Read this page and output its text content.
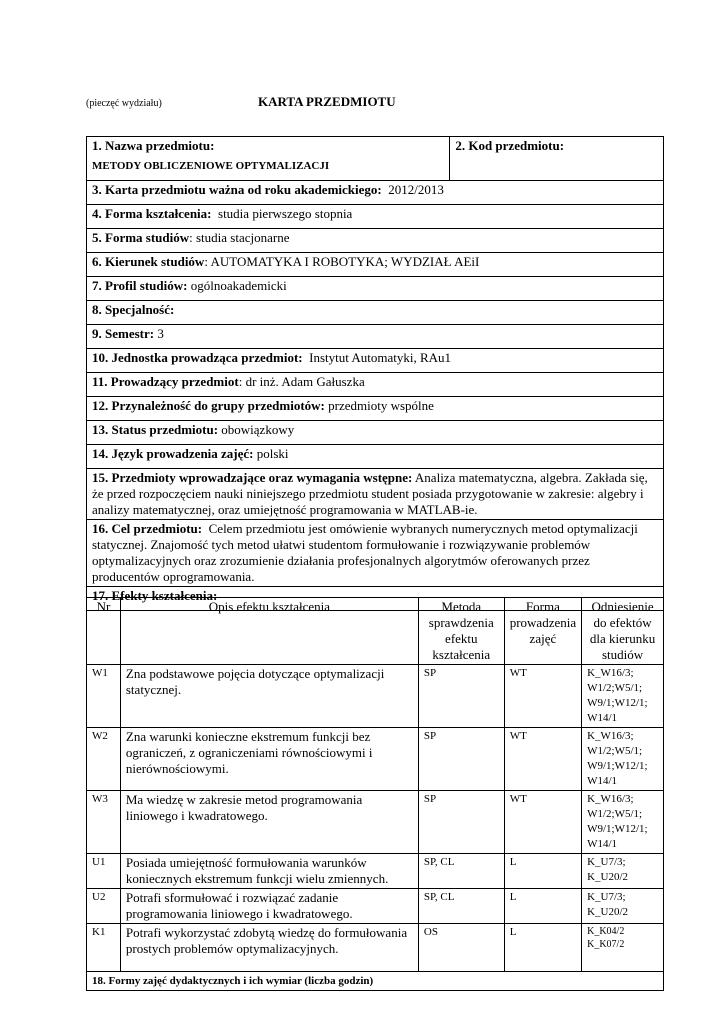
(pieczęć wydziału)	KARTA PRZEDMIOTU
1. Nazwa przedmiotu:
METODY OBLICZENIOWE OPTYMALIZACJI	2. Kod przedmiotu:
3. Karta przedmiotu ważna od roku akademickiego: 2012/2013
4. Forma kształcenia: studia pierwszego stopnia
5. Forma studiów: studia stacjonarne
6. Kierunek studiów: AUTOMATYKA I ROBOTYKA; WYDZIAŁ AEiI
7. Profil studiów: ogólnoakademicki
8. Specjalność:
9. Semestr: 3
10. Jednostka prowadząca przedmiot: Instytut Automatyki, RAu1
11. Prowadzący przedmiot: dr inż. Adam Gałuszka
12. Przynależność do grupy przedmiotów: przedmioty wspólne
13. Status przedmiotu: obowiązkowy
14. Język prowadzenia zajęć: polski
15. Przedmioty wprowadzające oraz wymagania wstępne: Analiza matematyczna, algebra. Zakłada się, że przed rozpoczęciem nauki niniejszego przedmiotu student posiada przygotowanie w zakresie: algebry i analizy matematycznej, oraz umiejętność programowania w MATLAB-ie.
16. Cel przedmiotu: Celem przedmiotu jest omówienie wybranych numerycznych metod optymalizacji statycznej. Znajomość tych metod ułatwi studentom formułowanie i rozwiązywanie problemów optymalizacyjnych oraz zrozumienie działania profesjonalnych algorytmów oferowanych przez producentów oprogramowania.
17. Efekty kształcenia:
Nr	Opis efektu kształcenia	Metoda sprawdzenia efektu kształcenia	Forma prowadzenia zajęć	Odniesienie do efektów dla kierunku studiów
W1	Zna podstawowe pojęcia dotyczące optymalizacji statycznej.	SP	WT	K_W16/3; W1/2;W5/1; W9/1;W12/1; W14/1
W2	Zna warunki konieczne ekstremum funkcji bez ograniczeń, z ograniczeniami równościowymi i nierównościowymi.	SP	WT	K_W16/3; W1/2;W5/1; W9/1;W12/1; W14/1
W3	Ma wiedzę w zakresie metod programowania liniowego i kwadratowego.	SP	WT	K_W16/3; W1/2;W5/1; W9/1;W12/1; W14/1
U1	Posiada umiejętność formułowania warunków koniecznych ekstremum funkcji wielu zmiennych.	SP, CL	L	K_U7/3; K_U20/2
U2	Potrafi sformułować i rozwiązać zadanie programowania liniowego i kwadratowego.	SP, CL	L	K_U7/3; K_U20/2
K1	Potrafi wykorzystać zdobytą wiedzę do formułowania prostych problemów optymalizacyjnych.	OS	L	K_K04/2 K_K07/2
18. Formy zajęć dydaktycznych i ich wymiar (liczba godzin)				
